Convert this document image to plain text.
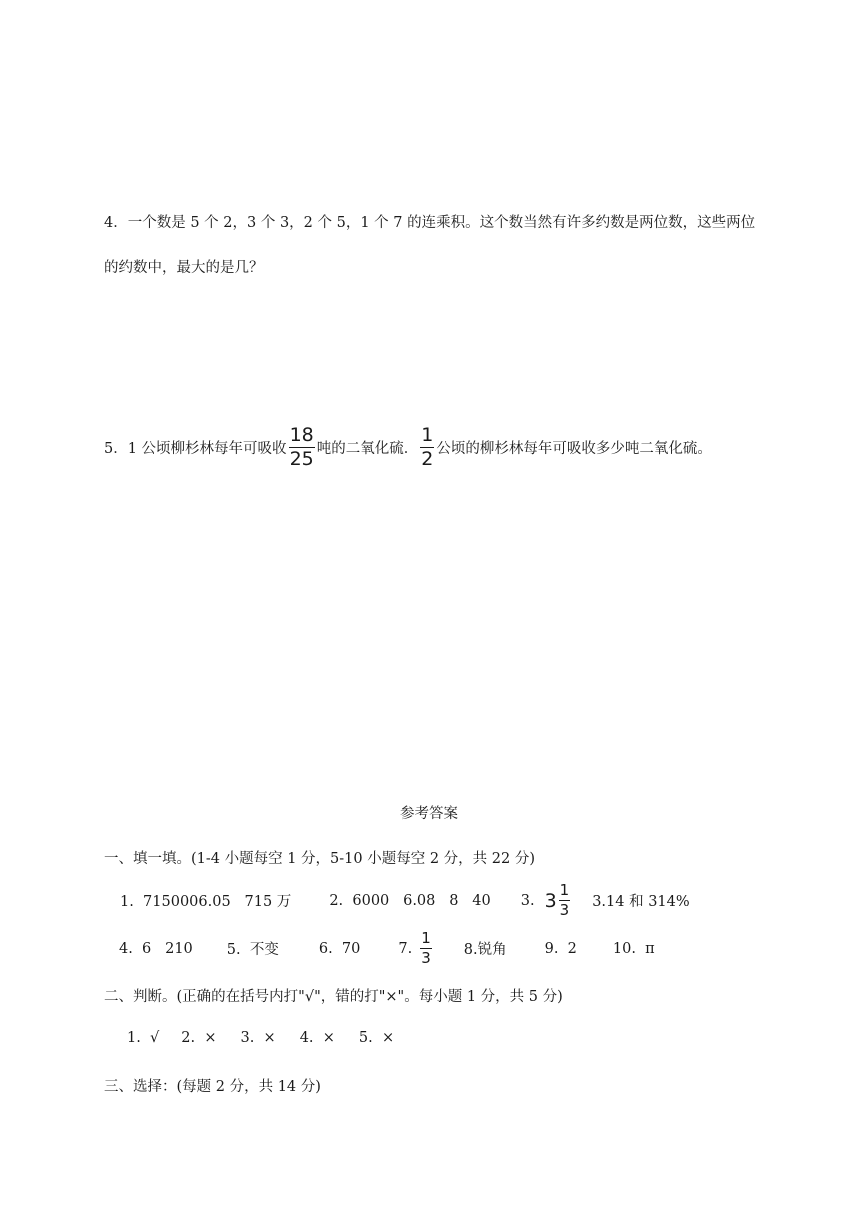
4．一个数是 5 个 2，3 个 3，2 个 5，1 个 7 的连乘积。这个数当然有许多约数是两位数，这些两位
的约数中，最大的是几？
5．1 公顷柳杉林每年可吸收 $\frac{18}{25}$ 吨的二氧化硫． $\frac{1}{2}$ 公顷的柳杉林每年可吸收多少吨二氧化硫。
参考答案
一、填一填。(1-4 小题每空 1 分，5-10 小题每空 2 分，共 22 分)
1.  7150006.05   715 万	2.  6000   6.08   8   40 3. $3 \frac{1}{3} 3.14$ 和 314%
4.  6   210 5.  不变	6.  70	7. $\frac{1}{3} 8$.锐角	9.  2 10.  π
二、判断。(正确的在括号内打"√"，错的打"×"。每小题 1 分，共 5 分)
1.  √ 2.  × 3.  × 4.  × 5.  ×
三、选择：(每题 2 分，共 14 分)
